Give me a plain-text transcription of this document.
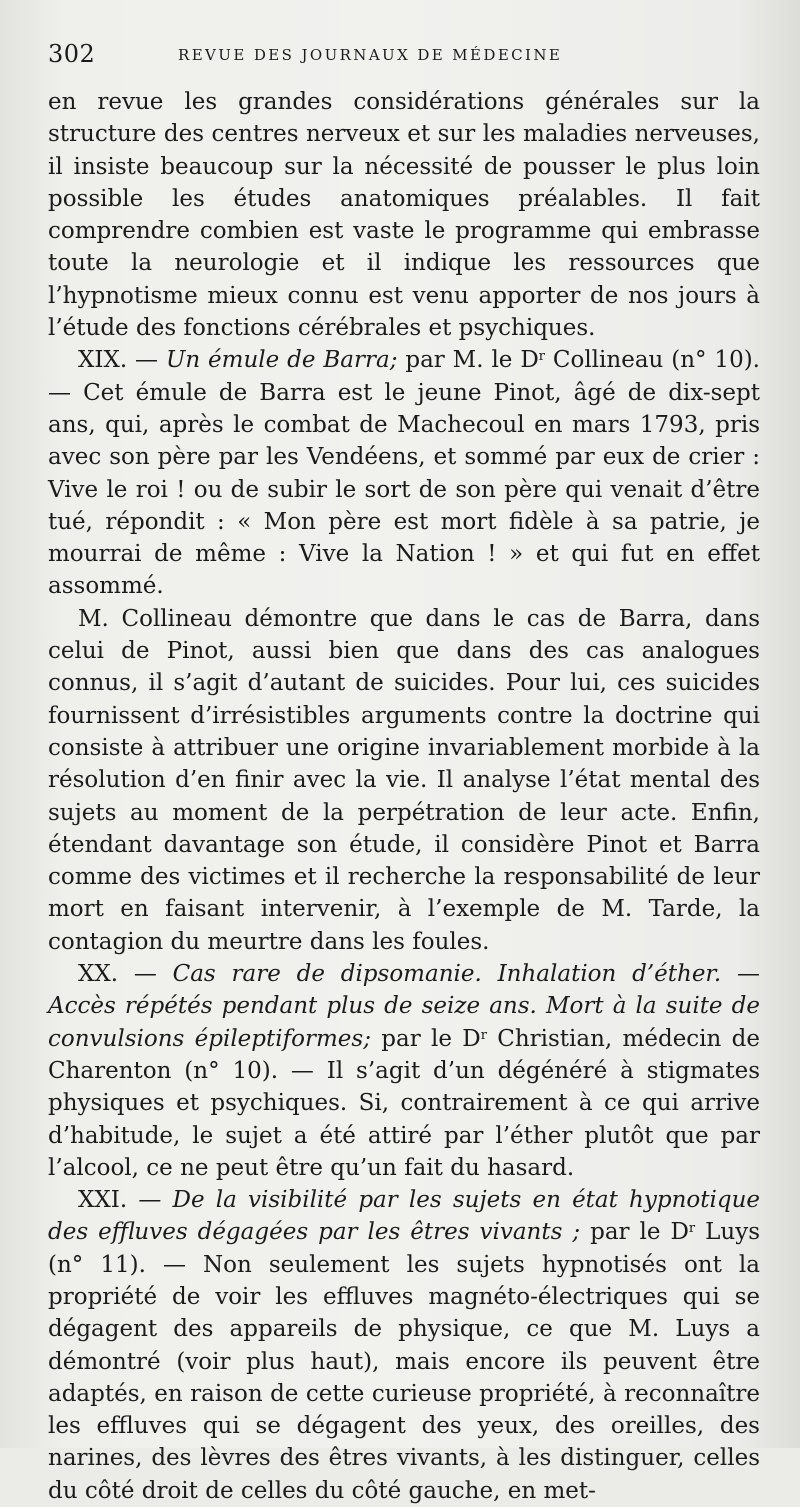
302	REVUE DES JOURNAUX DE MÉDECINE

en revue les grandes considérations générales sur la structure des centres nerveux et sur les maladies nerveuses, il insiste beaucoup sur la nécessité de pousser le plus loin possible les études anatomiques préalables. Il fait comprendre combien est vaste le programme qui embrasse toute la neurologie et il indique les ressources que l’hypnotisme mieux connu est venu apporter de nos jours à l’étude des fonctions cérébrales et psychiques.

XIX. — Un émule de Barra; par M. le $D^r$ Collineau (n° 10). — Cet émule de Barra est le jeune Pinot, âgé de dix-sept ans, qui, après le combat de Machecoul en mars 1793, pris avec son père par les Vendéens, et sommé par eux de crier : Vive le roi ! ou de subir le sort de son père qui venait d’être tué, répondit : « Mon père est mort fidèle à sa patrie, je mourrai de même : Vive la Nation ! » et qui fut en effet assommé.

M. Collineau démontre que dans le cas de Barra, dans celui de Pinot, aussi bien que dans des cas analogues connus, il s’agit d’autant de suicides. Pour lui, ces suicides fournissent d’irrésistibles arguments contre la doctrine qui consiste à attribuer une origine invariablement morbide à la résolution d’en finir avec la vie. Il analyse l’état mental des sujets au moment de la perpétration de leur acte. Enfin, étendant davantage son étude, il considère Pinot et Barra comme des victimes et il recherche la responsabilité de leur mort en faisant intervenir, à l’exemple de M. Tarde, la contagion du meurtre dans les foules.

XX. — Cas rare de dipsomanie. Inhalation d’éther. — Accès répétés pendant plus de seize ans. Mort à la suite de convulsions épileptiformes; par le $D^r$ Christian, médecin de Charenton (n° 10). — Il s’agit d’un dégénéré à stigmates physiques et psychiques. Si, contrairement à ce qui arrive d’habitude, le sujet a été attiré par l’éther plutôt que par l’alcool, ce ne peut être qu’un fait du hasard.

XXI. — De la visibilité par les sujets en état hypnotique des effluves dégagées par les êtres vivants ; par le $D^r$ Luys (n° 11). — Non seulement les sujets hypnotisés ont la propriété de voir les effluves magnéto-électriques qui se dégagent des appareils de physique, ce que M. Luys a démontré (voir plus haut), mais encore ils peuvent être adaptés, en raison de cette curieuse propriété, à reconnaître les effluves qui se dégagent des yeux, des oreilles, des narines, des lèvres des êtres vivants, à les distinguer, celles du côté droit de celles du côté gauche, en met-
